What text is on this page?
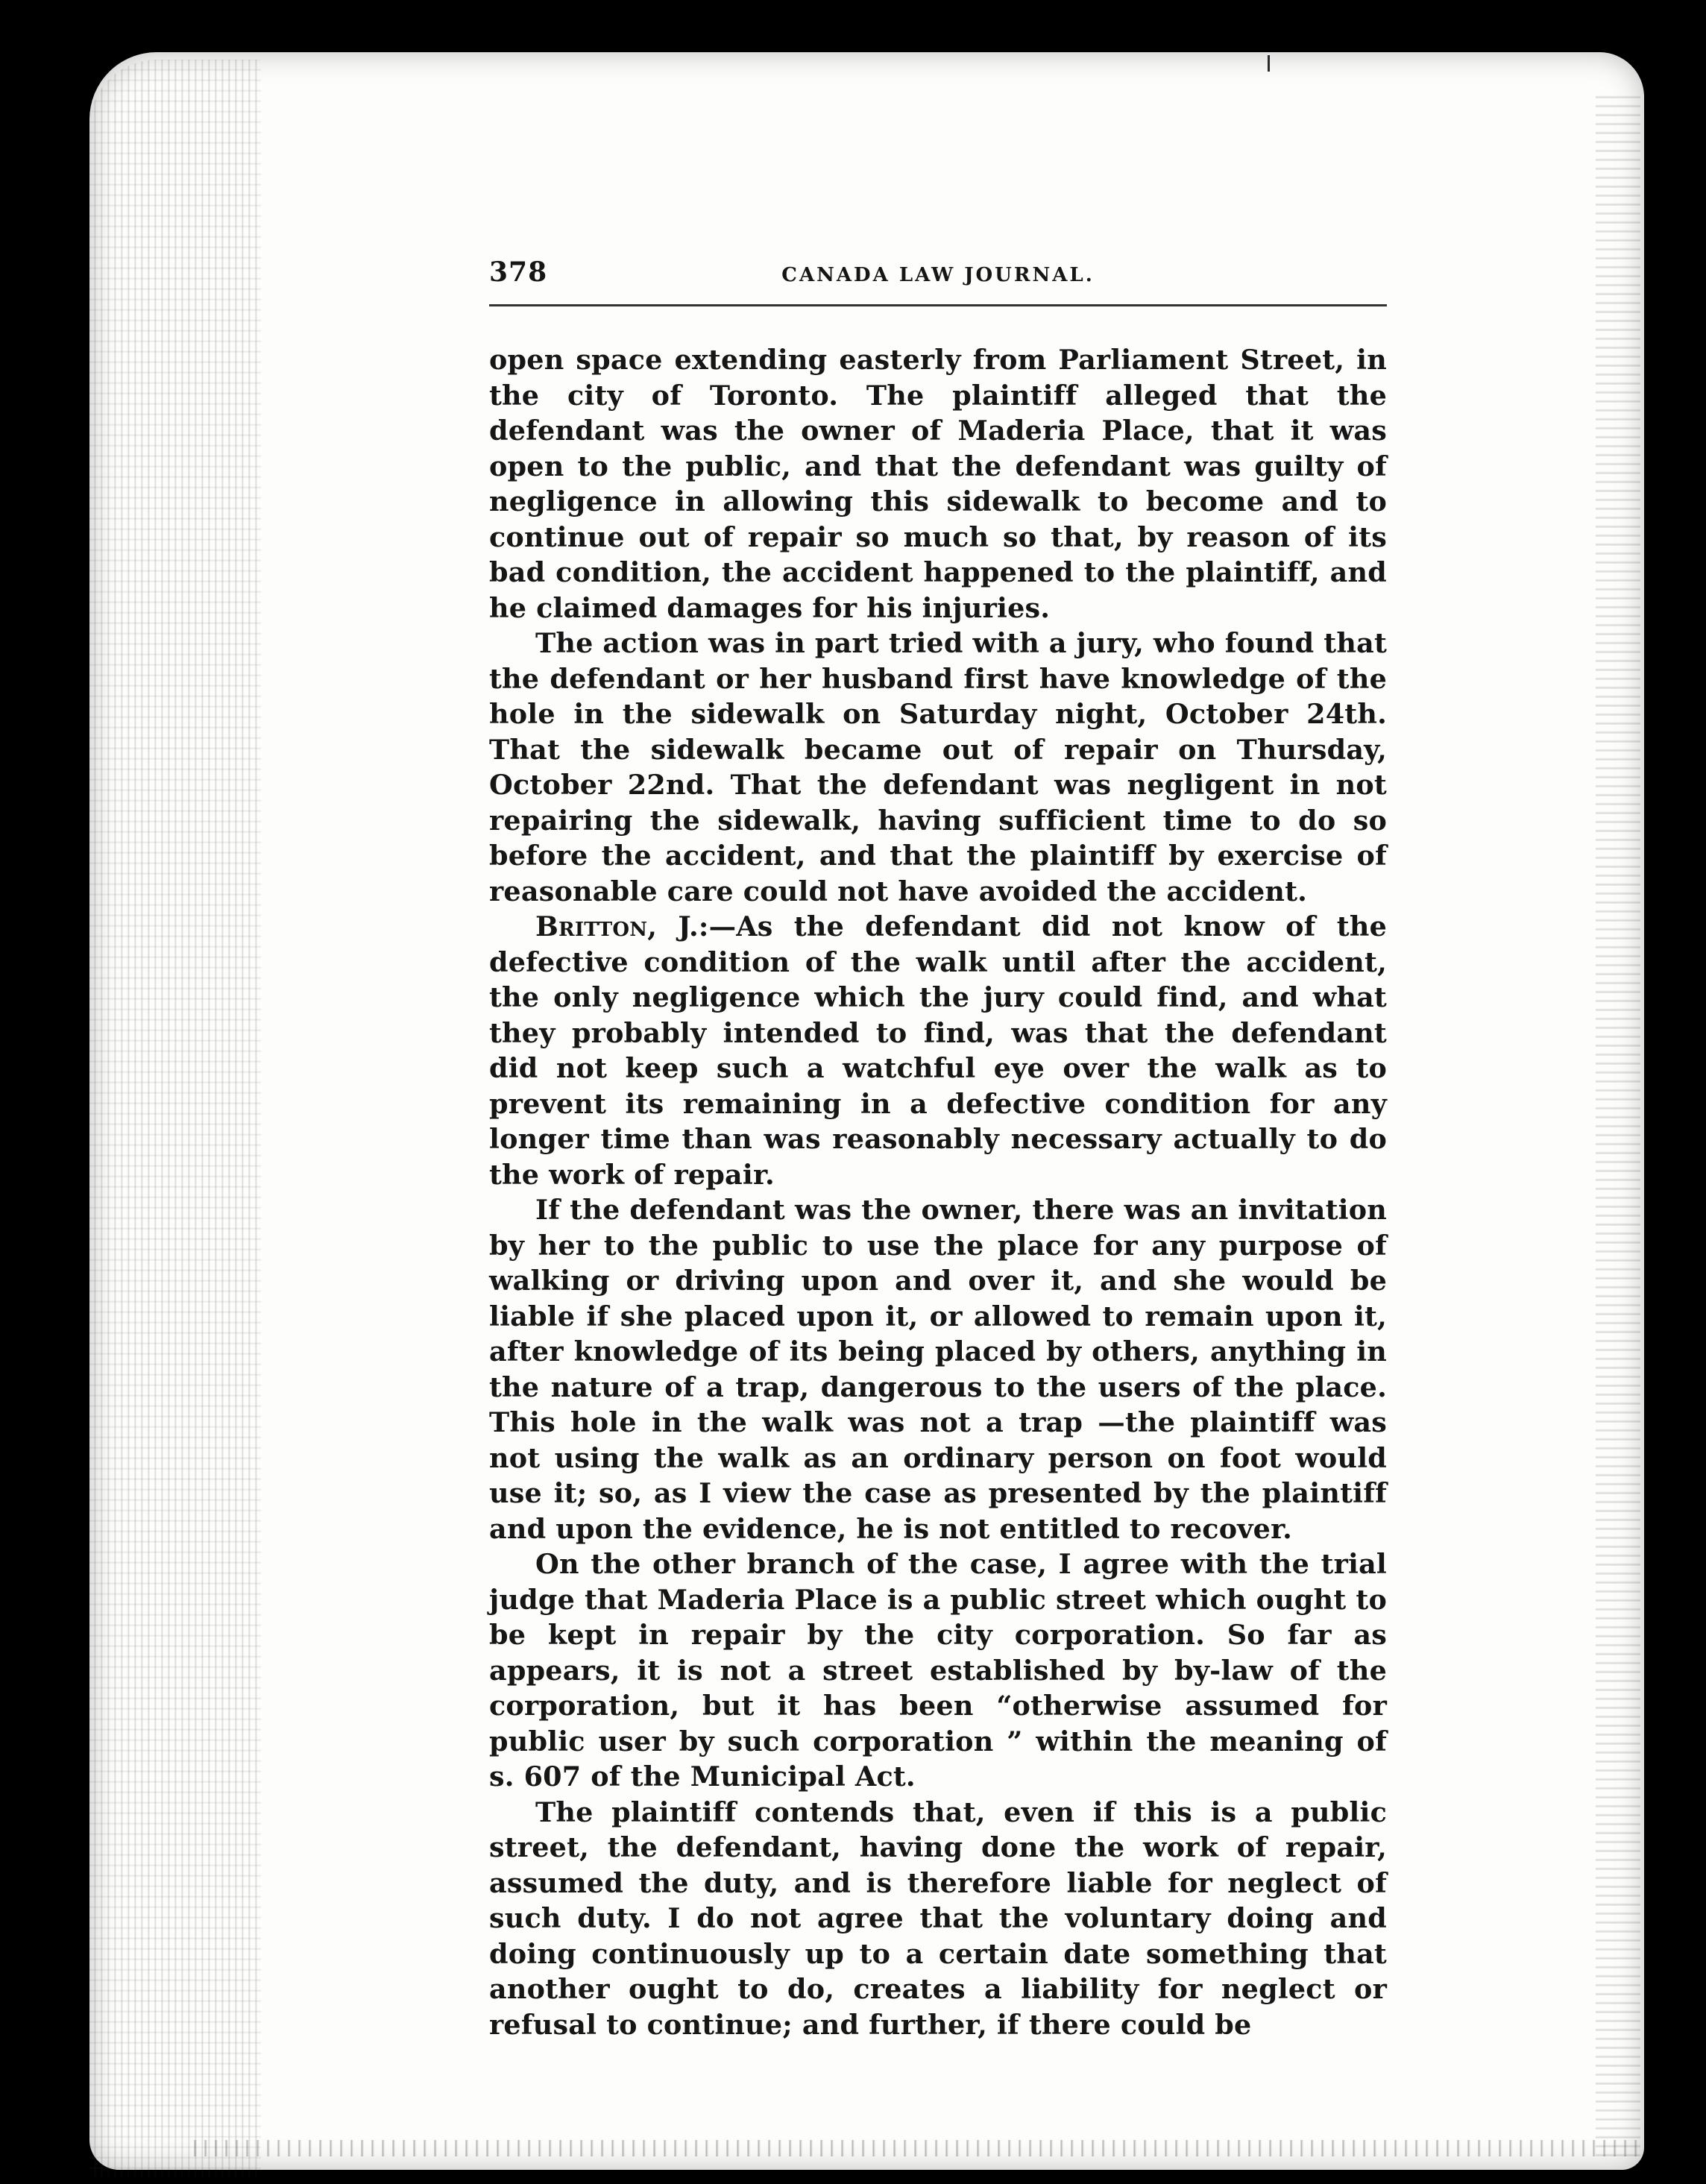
378	CANADA LAW JOURNAL.

open space extending easterly from Parliament Street, in the city of Toronto. The plaintiff alleged that the defendant was the owner of Maderia Place, that it was open to the public, and that the defendant was guilty of negligence in allowing this sidewalk to become and to continue out of repair so much so that, by reason of its bad condition, the accident happened to the plaintiff, and he claimed damages for his injuries.

The action was in part tried with a jury, who found that the defendant or her husband first have knowledge of the hole in the sidewalk on Saturday night, October 24th. That the sidewalk became out of repair on Thursday, October 22nd. That the defendant was negligent in not repairing the sidewalk, having sufficient time to do so before the accident, and that the plaintiff by exercise of reasonable care could not have avoided the accident.

Britton, J.:—As the defendant did not know of the defective condition of the walk until after the accident, the only negligence which the jury could find, and what they probably intended to find, was that the defendant did not keep such a watchful eye over the walk as to prevent its remaining in a defective condition for any longer time than was reasonably necessary actually to do the work of repair.

If the defendant was the owner, there was an invitation by her to the public to use the place for any purpose of walking or driving upon and over it, and she would be liable if she placed upon it, or allowed to remain upon it, after knowledge of its being placed by others, anything in the nature of a trap, dangerous to the users of the place. This hole in the walk was not a trap —the plaintiff was not using the walk as an ordinary person on foot would use it; so, as I view the case as presented by the plaintiff and upon the evidence, he is not entitled to recover.

On the other branch of the case, I agree with the trial judge that Maderia Place is a public street which ought to be kept in repair by the city corporation. So far as appears, it is not a street established by by-law of the corporation, but it has been “otherwise assumed for public user by such corporation ” within the meaning of s. 607 of the Municipal Act.

The plaintiff contends that, even if this is a public street, the defendant, having done the work of repair, assumed the duty, and is therefore liable for neglect of such duty. I do not agree that the voluntary doing and doing continuously up to a certain date something that another ought to do, creates a liability for neglect or refusal to continue; and further, if there could be
